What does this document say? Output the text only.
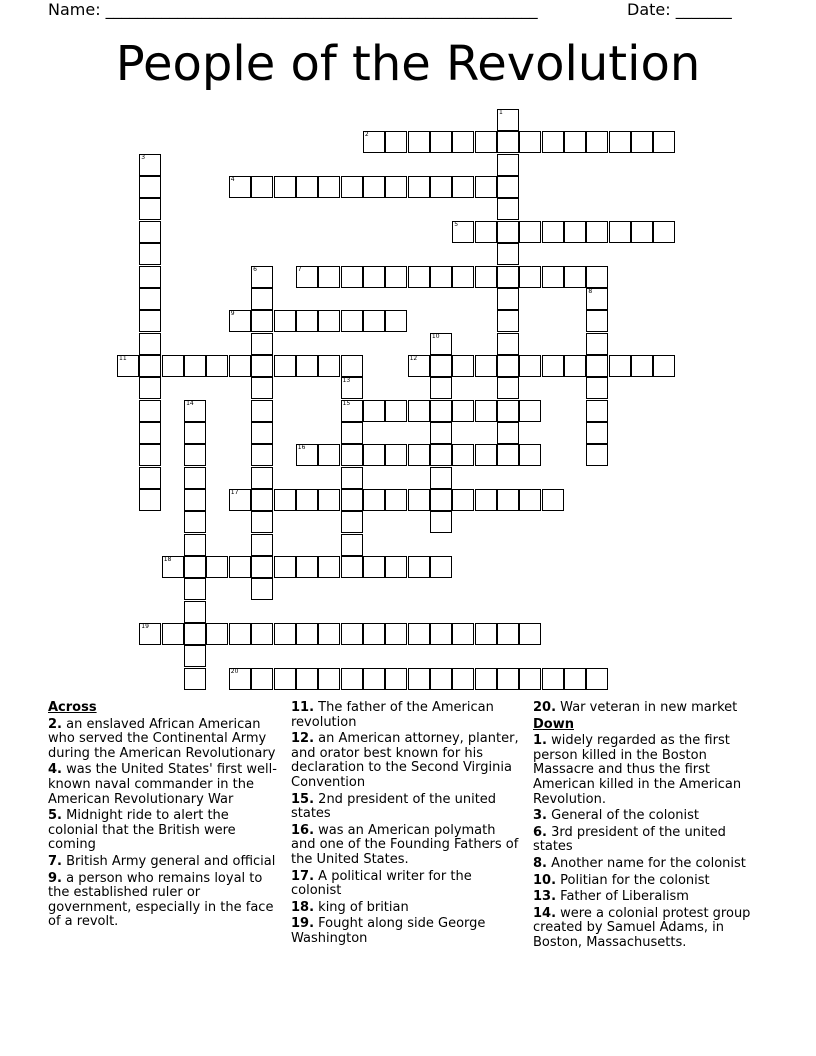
Name: ______________________________________________________	Date: _______
People of the Revolution
1
2
3
4
5
6	7
8
9
10
11	12
13
15
14
16
17
18
19
20
Across
2. an enslaved African American who served the Continental Army during the American Revolutionary
4. was the United States' first well-known naval commander in the American Revolutionary War
5. Midnight ride to alert the colonial that the British were coming
7. British Army general and official
9. a person who remains loyal to the established ruler or government, especially in the face of a revolt.
11. The father of the American revolution
12. an American attorney, planter, and orator best known for his declaration to the Second Virginia Convention
15. 2nd president of the united states
16. was an American polymath and one of the Founding Fathers of the United States.
17. A political writer for the colonist
18. king of britian
19. Fought along side George Washington
20. War veteran in new market
Down
1. widely regarded as the first person killed in the Boston Massacre and thus the first American killed in the American Revolution.
3. General of the colonist
6. 3rd president of the united states
8. Another name for the colonist
10. Politian for the colonist
13. Father of Liberalism
14. were a colonial protest group created by Samuel Adams, in Boston, Massachusetts.
